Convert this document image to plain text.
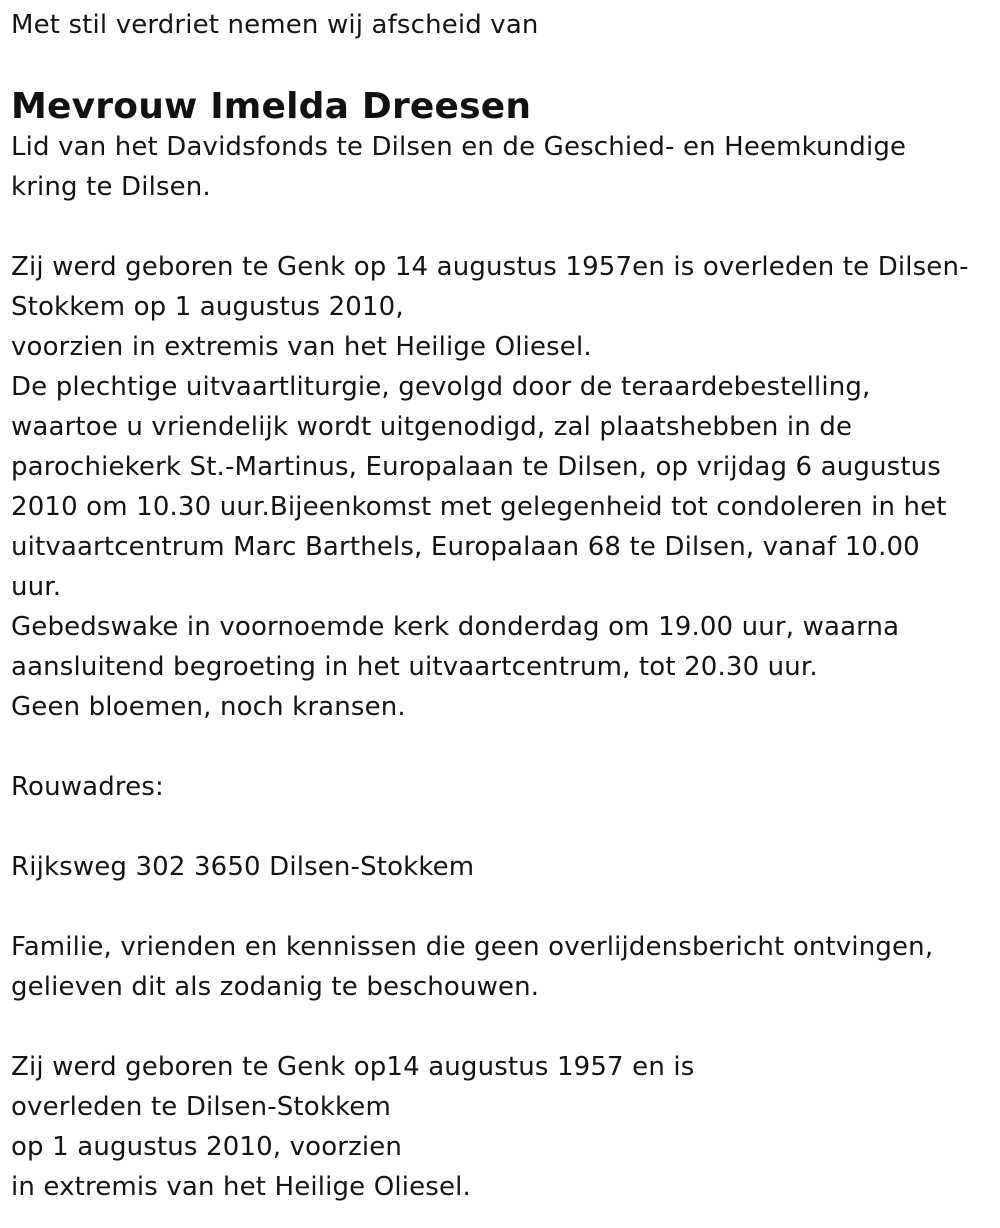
Met stil verdriet nemen wij afscheid van
Mevrouw Imelda Dreesen
Lid van het Davidsfonds te Dilsen en de Geschied- en Heemkundige
kring te Dilsen.
Zij werd geboren te Genk op 14 augustus 1957en is overleden te Dilsen-
Stokkem op 1 augustus 2010,
voorzien in extremis van het Heilige Oliesel.
De plechtige uitvaartliturgie, gevolgd door de teraardebestelling,
waartoe u vriendelijk wordt uitgenodigd, zal plaatshebben in de
parochiekerk St.-Martinus, Europalaan te Dilsen, op vrijdag 6 augustus
2010 om 10.30 uur.Bijeenkomst met gelegenheid tot condoleren in het
uitvaartcentrum Marc Barthels, Europalaan 68 te Dilsen, vanaf 10.00
uur.
Gebedswake in voornoemde kerk donderdag om 19.00 uur, waarna
aansluitend begroeting in het uitvaartcentrum, tot 20.30 uur.
Geen bloemen, noch kransen.
Rouwadres:
Rijksweg 302 3650 Dilsen-Stokkem
Familie, vrienden en kennissen die geen overlijdensbericht ontvingen,
gelieven dit als zodanig te beschouwen.
Zij werd geboren te Genk op14 augustus 1957 en is
overleden te Dilsen-Stokkem
op 1 augustus 2010, voorzien
in extremis van het Heilige Oliesel.
